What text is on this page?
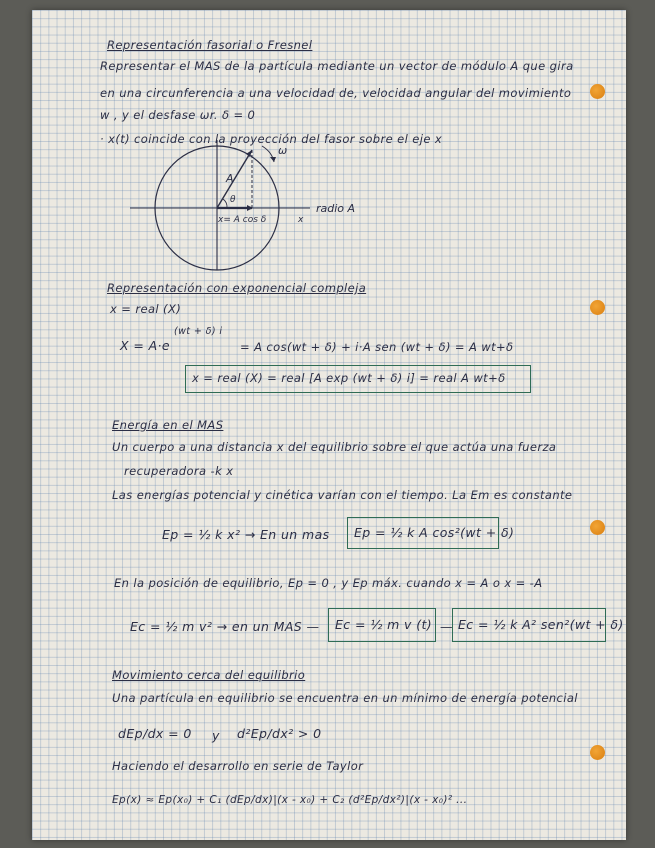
Representación fasorial o Fresnel
Representar el MAS de la partícula mediante un vector de módulo A que gira
en una circunferencia a una velocidad de, velocidad angular del movimiento
w , y el desfase ωr. δ = 0
· x(t) coincide con la proyección del fasor sobre el eje x
A
ω
θ
x= A cos δ	x
radio A
Representación con exponencial compleja
x = real (X)
X = A·e
(wt + δ) i
= A cos(wt + δ) + i·A sen (wt + δ) = A wt+δ
x = real (X) = real [A exp (wt + δ) i] = real A wt+δ
Energía en el MAS
Un cuerpo a una distancia x del equilibrio sobre el que actúa una fuerza
recuperadora -k x
Las energías potencial y cinética varían con el tiempo. La Em es constante
Ep = ½ k x² → En un mas Ep = ½ k A cos²(wt + δ)
En la posición de equilibrio, Ep = 0 , y Ep máx. cuando x = A o x = -A
Ec = ½ m v² → en un MAS — Ec = ½ m v (t) — Ec = ½ k A² sen²(wt + δ)
Movimiento cerca del equilibrio
Una partícula en equilibrio se encuentra en un mínimo de energía potencial
dEp/dx = 0 y d²Ep/dx² > 0
Haciendo el desarrollo en serie de Taylor
Ep(x) ≈ Ep(x₀) + C₁ (dEp/dx)|(x - x₀) + C₂ (d²Ep/dx²)|(x - x₀)² ...
